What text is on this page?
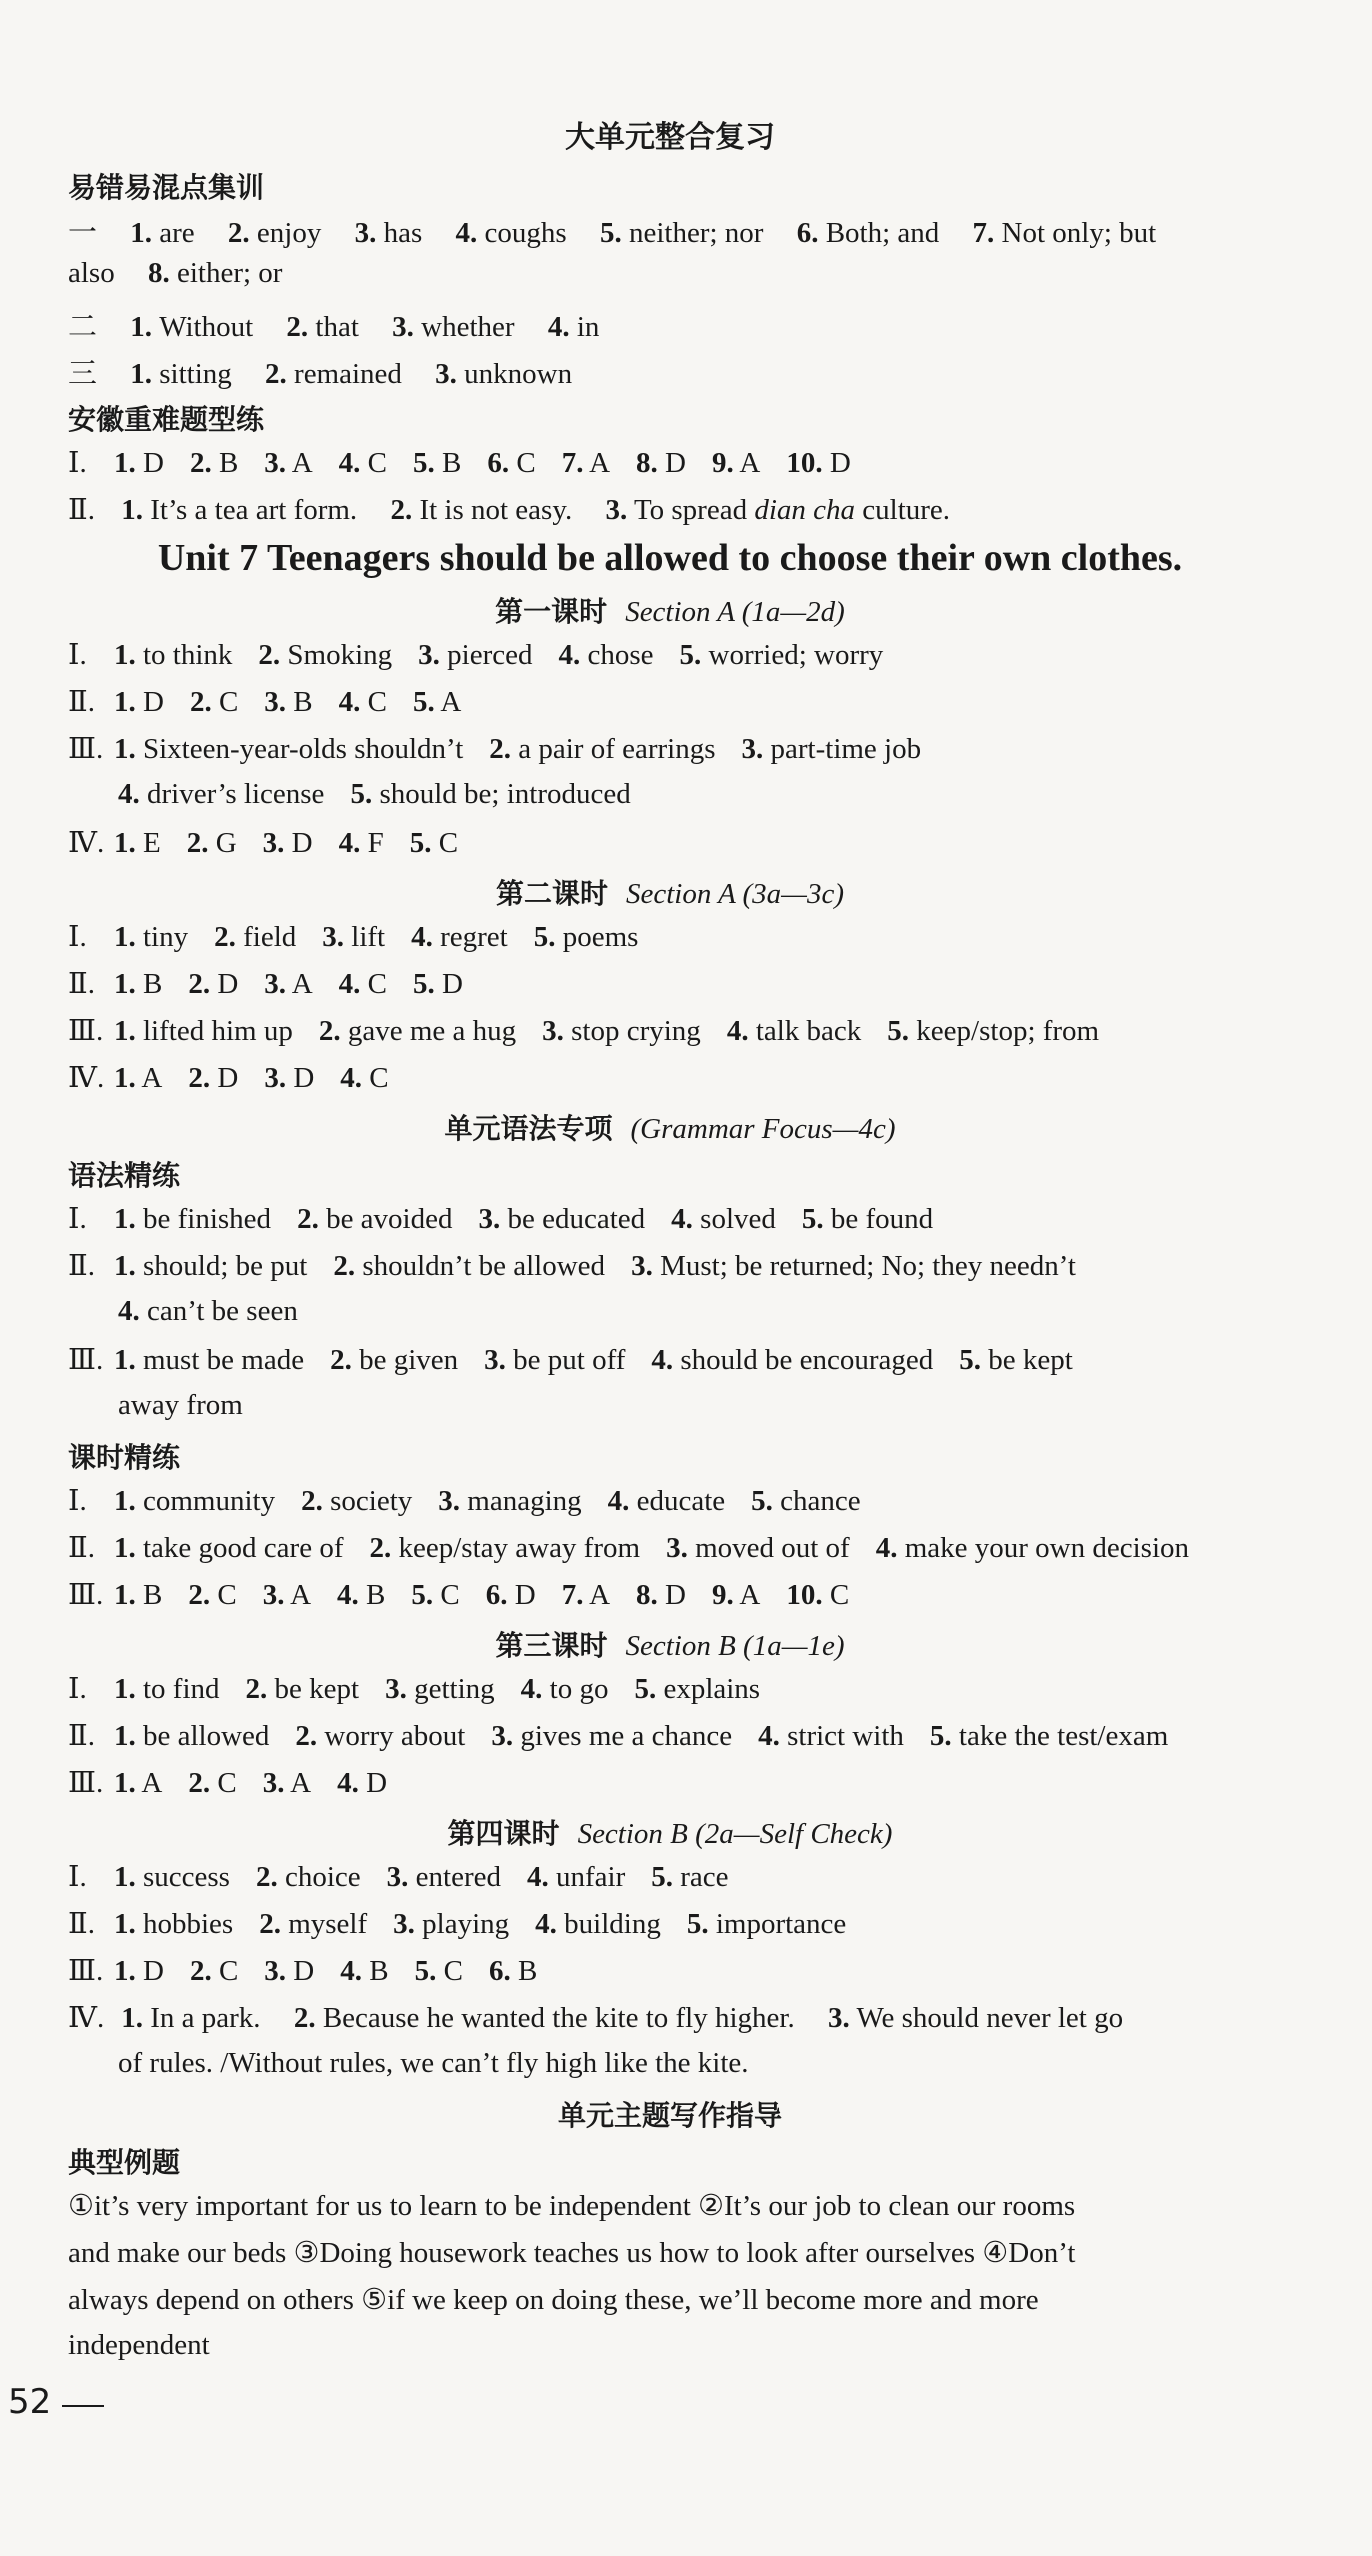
大单元整合复习
易错易混点集训
一 1. are 2. enjoy 3. has 4. coughs 5. neither; nor 6. Both; and 7. Not only; but
also 8. either; or
二 1. Without 2. that 3. whether 4. in
三 1. sitting 2. remained 3. unknown
安徽重难题型练
Ⅰ. 1. D 2. B 3. A 4. C 5. B 6. C 7. A 8. D 9. A 10. D
Ⅱ. 1. It’s a tea art form. 2. It is not easy. 3. To spread dian cha culture.
Unit 7 Teenagers should be allowed to choose their own clothes.
第一课时 Section A (1a—2d)
Ⅰ. 1. to think 2. Smoking 3. pierced 4. chose 5. worried; worry
Ⅱ. 1. D 2. C 3. B 4. C 5. A
Ⅲ. 1. Sixteen-year-olds shouldn’t 2. a pair of earrings 3. part-time job
4. driver’s license 5. should be; introduced
Ⅳ. 1. E 2. G 3. D 4. F 5. C
第二课时 Section A (3a—3c)
Ⅰ. 1. tiny 2. field 3. lift 4. regret 5. poems
Ⅱ. 1. B 2. D 3. A 4. C 5. D
Ⅲ. 1. lifted him up 2. gave me a hug 3. stop crying 4. talk back 5. keep/stop; from
Ⅳ. 1. A 2. D 3. D 4. C
单元语法专项 (Grammar Focus—4c)
语法精练
Ⅰ. 1. be finished 2. be avoided 3. be educated 4. solved 5. be found
Ⅱ. 1. should; be put 2. shouldn’t be allowed 3. Must; be returned; No; they needn’t
4. can’t be seen
Ⅲ. 1. must be made 2. be given 3. be put off 4. should be encouraged 5. be kept
away from
课时精练
Ⅰ. 1. community 2. society 3. managing 4. educate 5. chance
Ⅱ. 1. take good care of 2. keep/stay away from 3. moved out of 4. make your own decision
Ⅲ. 1. B 2. C 3. A 4. B 5. C 6. D 7. A 8. D 9. A 10. C
第三课时 Section B (1a—1e)
Ⅰ. 1. to find 2. be kept 3. getting 4. to go 5. explains
Ⅱ. 1. be allowed 2. worry about 3. gives me a chance 4. strict with 5. take the test/exam
Ⅲ. 1. A 2. C 3. A 4. D
第四课时 Section B (2a—Self Check)
Ⅰ. 1. success 2. choice 3. entered 4. unfair 5. race
Ⅱ. 1. hobbies 2. myself 3. playing 4. building 5. importance
Ⅲ. 1. D 2. C 3. D 4. B 5. C 6. B
Ⅳ. 1. In a park. 2. Because he wanted the kite to fly higher. 3. We should never let go
of rules. /Without rules, we can’t fly high like the kite.
单元主题写作指导
典型例题
①it’s very important for us to learn to be independent ②It’s our job to clean our rooms
and make our beds ③Doing housework teaches us how to look after ourselves ④Don’t
always depend on others ⑤if we keep on doing these, we’ll become more and more
independent
52
